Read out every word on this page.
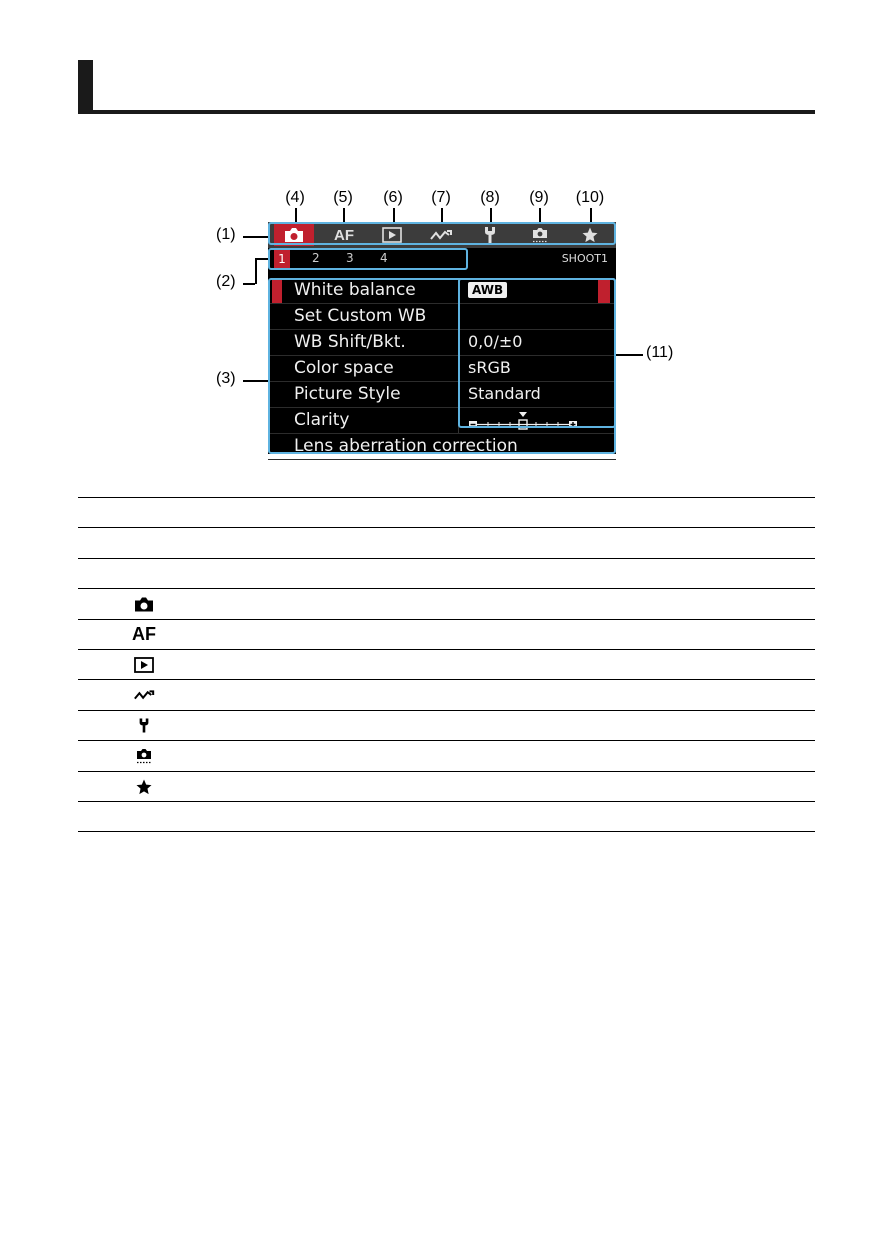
(4)	(5)	(6)	(7)	(8)	(9)	(10)
(1)
(2)
(3)
(11)
AF
1	2 3 4	SHOOT1
White balance	AWB
Set Custom WB
WB Shift/Bkt.	0,0/±0
Color space	sRGB
Picture Style	Standard
Clarity
Lens aberration correction
AF
